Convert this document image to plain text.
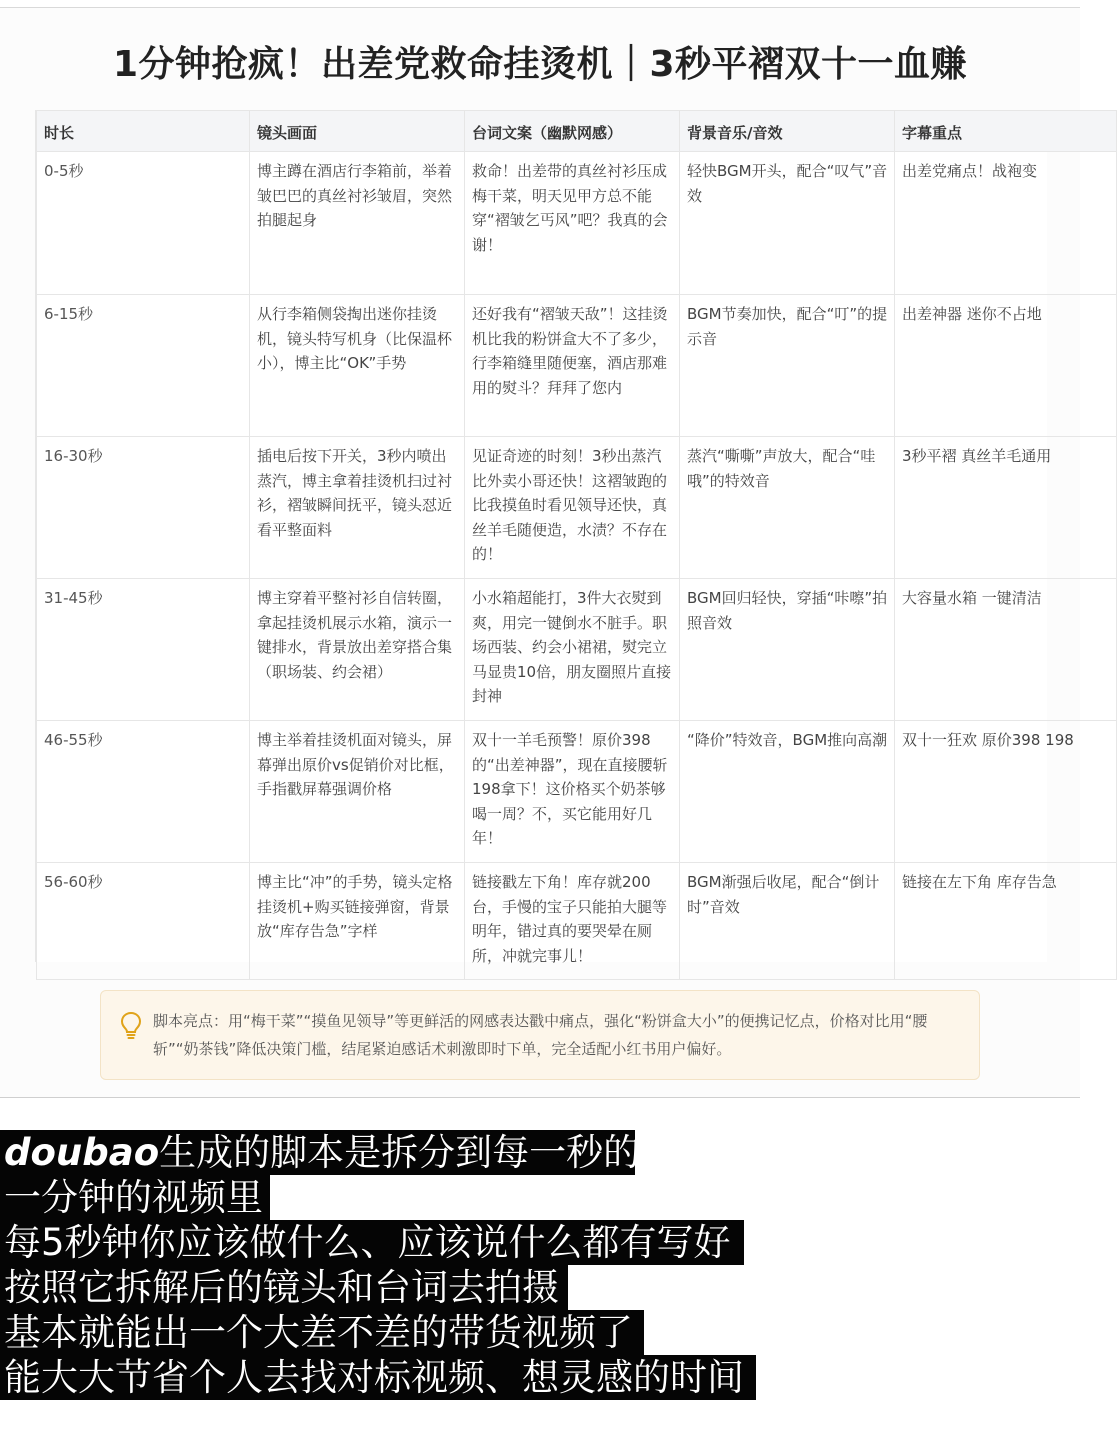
1分钟抢疯！出差党救命挂烫机｜3秒平褶双十一血赚
时长	镜头画面	台词文案（幽默网感）	背景音乐/音效	字幕重点
0-5秒	博主蹲在酒店行李箱前，举着皱巴巴的真丝衬衫皱眉，突然拍腿起身	救命！出差带的真丝衬衫压成梅干菜，明天见甲方总不能穿“褶皱乞丐风”吧？我真的会谢！	轻快BGM开头，配合“叹气”音效	出差党痛点！战袍变

6-15秒	从行李箱侧袋掏出迷你挂烫机，镜头特写机身（比保温杯小），博主比“OK”手势	还好我有“褶皱天敌”！这挂烫机比我的粉饼盒大不了多少，行李箱缝里随便塞，酒店那难用的熨斗？拜拜了您内	BGM节奏加快，配合“叮”的提示音	出差神器 迷你不占地

16-30秒	插电后按下开关，3秒内喷出蒸汽，博主拿着挂烫机扫过衬衫，褶皱瞬间抚平，镜头怼近看平整面料	见证奇迹的时刻！3秒出蒸汽比外卖小哥还快！这褶皱跑的比我摸鱼时看见领导还快，真丝羊毛随便造，水渍？不存在的！	蒸汽“嘶嘶”声放大，配合“哇哦”的特效音	3秒平褶 真丝羊毛通用

31-45秒	博主穿着平整衬衫自信转圈，拿起挂烫机展示水箱，演示一键排水，背景放出差穿搭合集（职场装、约会裙）	小水箱超能打，3件大衣熨到爽，用完一键倒水不脏手。职场西装、约会小裙裙，熨完立马显贵10倍，朋友圈照片直接封神	BGM回归轻快，穿插“咔嚓”拍照音效	大容量水箱 一键清洁

46-55秒	博主举着挂烫机面对镜头，屏幕弹出原价vs促销价对比框，手指戳屏幕强调价格	双十一羊毛预警！原价398的“出差神器”，现在直接腰斩198拿下！这价格买个奶茶够喝一周？不，买它能用好几年！	“降价”特效音，BGM推向高潮	双十一狂欢 原价398 198
56-60秒	博主比“冲”的手势，镜头定格挂烫机+购买链接弹窗，背景放“库存告急”字样	链接戳左下角！库存就200台，手慢的宝子只能拍大腿等明年，错过真的要哭晕在厕所，冲就完事儿！	BGM渐强后收尾，配合“倒计时”音效	链接在左下角 库存告急
脚本亮点：用“梅干菜”“摸鱼见领导”等更鲜活的网感表达戳中痛点，强化“粉饼盒大小”的便携记忆点，价格对比用“腰斩”“奶茶钱”降低决策门槛，结尾紧迫感话术刺激即时下单，完全适配小红书用户偏好。
doubao生成的脚本是拆分到每一秒的
一分钟的视频里
每5秒钟你应该做什么、应该说什么都有写好
按照它拆解后的镜头和台词去拍摄
基本就能出一个大差不差的带货视频了
能大大节省个人去找对标视频、想灵感的时间
